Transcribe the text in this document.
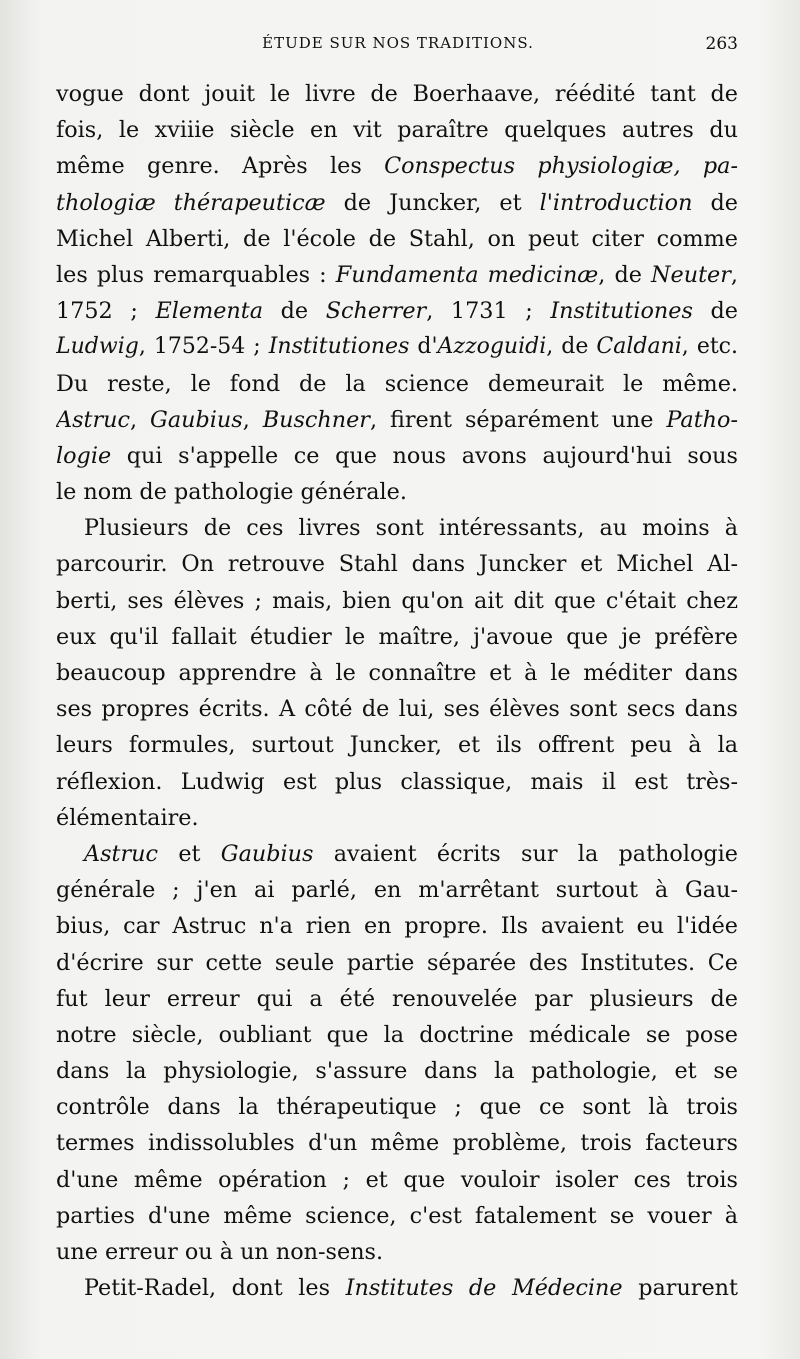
ÉTUDE SUR NOS TRADITIONS.	263
vogue dont jouit le livre de Boerhaave, réédité tant de
fois, le xviiie siècle en vit paraître quelques autres du
même genre. Après les Conspectus physiologiæ, pa-
thologiæ thérapeuticæ de Juncker, et l'introduction de
Michel Alberti, de l'école de Stahl, on peut citer comme
les plus remarquables : Fundamenta medicinæ, de Neuter,
1752 ; Elementa de Scherrer, 1731 ; Institutiones de
Ludwig, 1752-54 ; Institutiones d'Azzoguidi, de Caldani, etc.
Du reste, le fond de la science demeurait le même.
Astruc, Gaubius, Buschner, firent séparément une Patho-
logie qui s'appelle ce que nous avons aujourd'hui sous
le nom de pathologie générale.
Plusieurs de ces livres sont intéressants, au moins à
parcourir. On retrouve Stahl dans Juncker et Michel Al-
berti, ses élèves ; mais, bien qu'on ait dit que c'était chez
eux qu'il fallait étudier le maître, j'avoue que je préfère
beaucoup apprendre à le connaître et à le méditer dans
ses propres écrits. A côté de lui, ses élèves sont secs dans
leurs formules, surtout Juncker, et ils offrent peu à la
réflexion. Ludwig est plus classique, mais il est très-
élémentaire.
Astruc et Gaubius avaient écrits sur la pathologie
générale ; j'en ai parlé, en m'arrêtant surtout à Gau-
bius, car Astruc n'a rien en propre. Ils avaient eu l'idée
d'écrire sur cette seule partie séparée des Institutes. Ce
fut leur erreur qui a été renouvelée par plusieurs de
notre siècle, oubliant que la doctrine médicale se pose
dans la physiologie, s'assure dans la pathologie, et se
contrôle dans la thérapeutique ; que ce sont là trois
termes indissolubles d'un même problème, trois facteurs
d'une même opération ; et que vouloir isoler ces trois
parties d'une même science, c'est fatalement se vouer à
une erreur ou à un non-sens.
Petit-Radel, dont les Institutes de Médecine parurent
